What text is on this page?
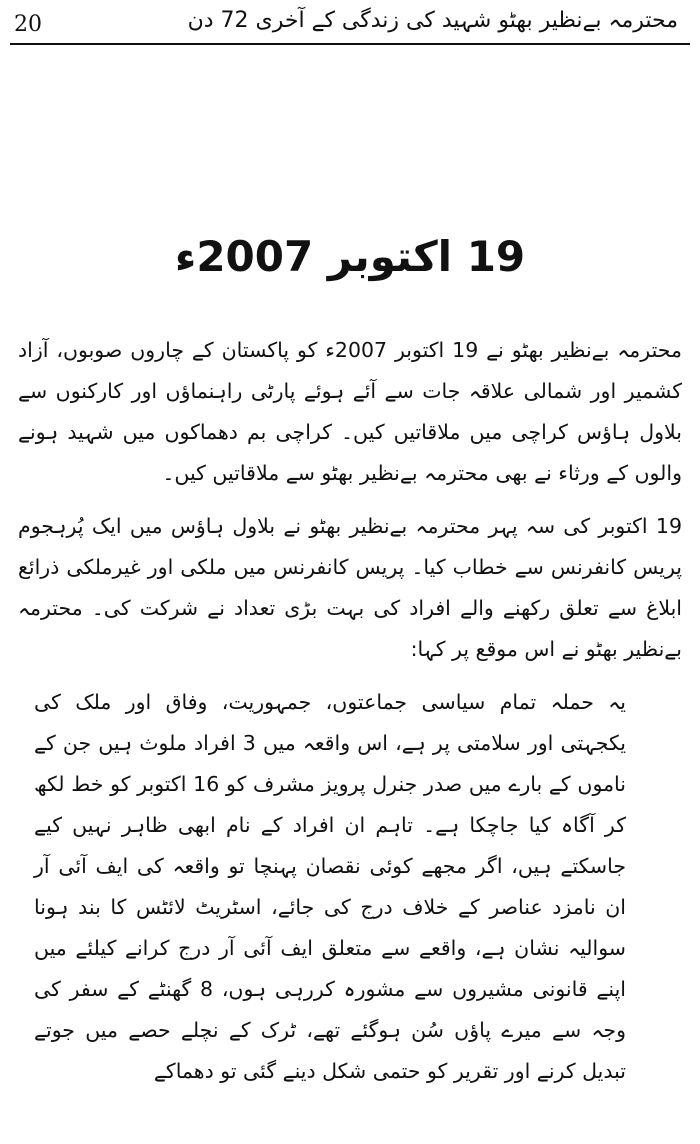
20	محترمہ بےنظیر بھٹو شہید کی زندگی کے آخری 72 دن
19 اکتوبر 2007ء

محترمہ بےنظیر بھٹو نے 19 اکتوبر 2007ء کو پاکستان کے چاروں صوبوں، آزاد کشمیر اور شمالی علاقہ جات سے آئے ہوئے پارٹی راہنماؤں اور کارکنوں سے بلاول ہاؤس کراچی میں ملاقاتیں کیں۔ کراچی بم دھماکوں میں شہید ہونے والوں کے ورثاء نے بھی محترمہ بےنظیر بھٹو سے ملاقاتیں کیں۔

19 اکتوبر کی سہ پہر محترمہ بےنظیر بھٹو نے بلاول ہاؤس میں ایک پُرہجوم پریس کانفرنس سے خطاب کیا۔ پریس کانفرنس میں ملکی اور غیرملکی ذرائع ابلاغ سے تعلق رکھنے والے افراد کی بہت بڑی تعداد نے شرکت کی۔ محترمہ بےنظیر بھٹو نے اس موقع پر کہا:

یہ حملہ تمام سیاسی جماعتوں، جمہوریت، وفاق اور ملک کی یکجہتی اور سلامتی پر ہے، اس واقعہ میں 3 افراد ملوث ہیں جن کے ناموں کے بارے میں صدر جنرل پرویز مشرف کو 16 اکتوبر کو خط لکھ کر آگاہ کیا جاچکا ہے۔ تاہم ان افراد کے نام ابھی ظاہر نہیں کیے جاسکتے ہیں، اگر مجھے کوئی نقصان پہنچا تو واقعہ کی ایف آئی آر ان نامزد عناصر کے خلاف درج کی جائے، اسٹریٹ لائٹس کا بند ہونا سوالیہ نشان ہے، واقعے سے متعلق ایف آئی آر درج کرانے کیلئے میں اپنے قانونی مشیروں سے مشورہ کررہی ہوں، 8 گھنٹے کے سفر کی وجہ سے میرے پاؤں سُن ہوگئے تھے، ٹرک کے نچلے حصے میں جوتے تبدیل کرنے اور تقریر کو حتمی شکل دینے گئی تو دھماکے
